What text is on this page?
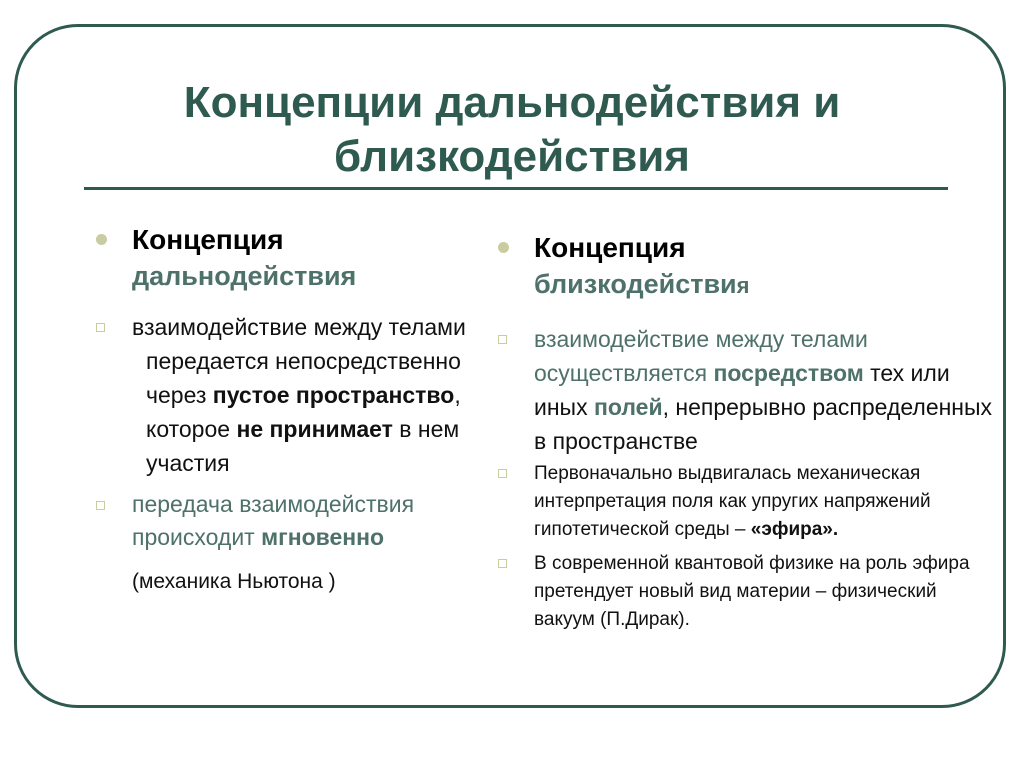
Концепции дальнодействия и
близкодействия
Концепция
дальнодействия
взаимодействие между телами передается непосредственно через пустое пространство, которое не принимает в нем участия
передача взаимодействия происходит мгновенно
(механика Ньютона )
Концепция
близкодействия
взаимодействие между телами осуществляется посредством тех или иных полей, непрерывно распределенных в пространстве
Первоначально выдвигалась механическая интерпретация поля как упругих напряжений гипотетической среды – «эфира».
В современной квантовой физике на роль эфира претендует новый вид материи – физический вакуум (П.Дирак).
